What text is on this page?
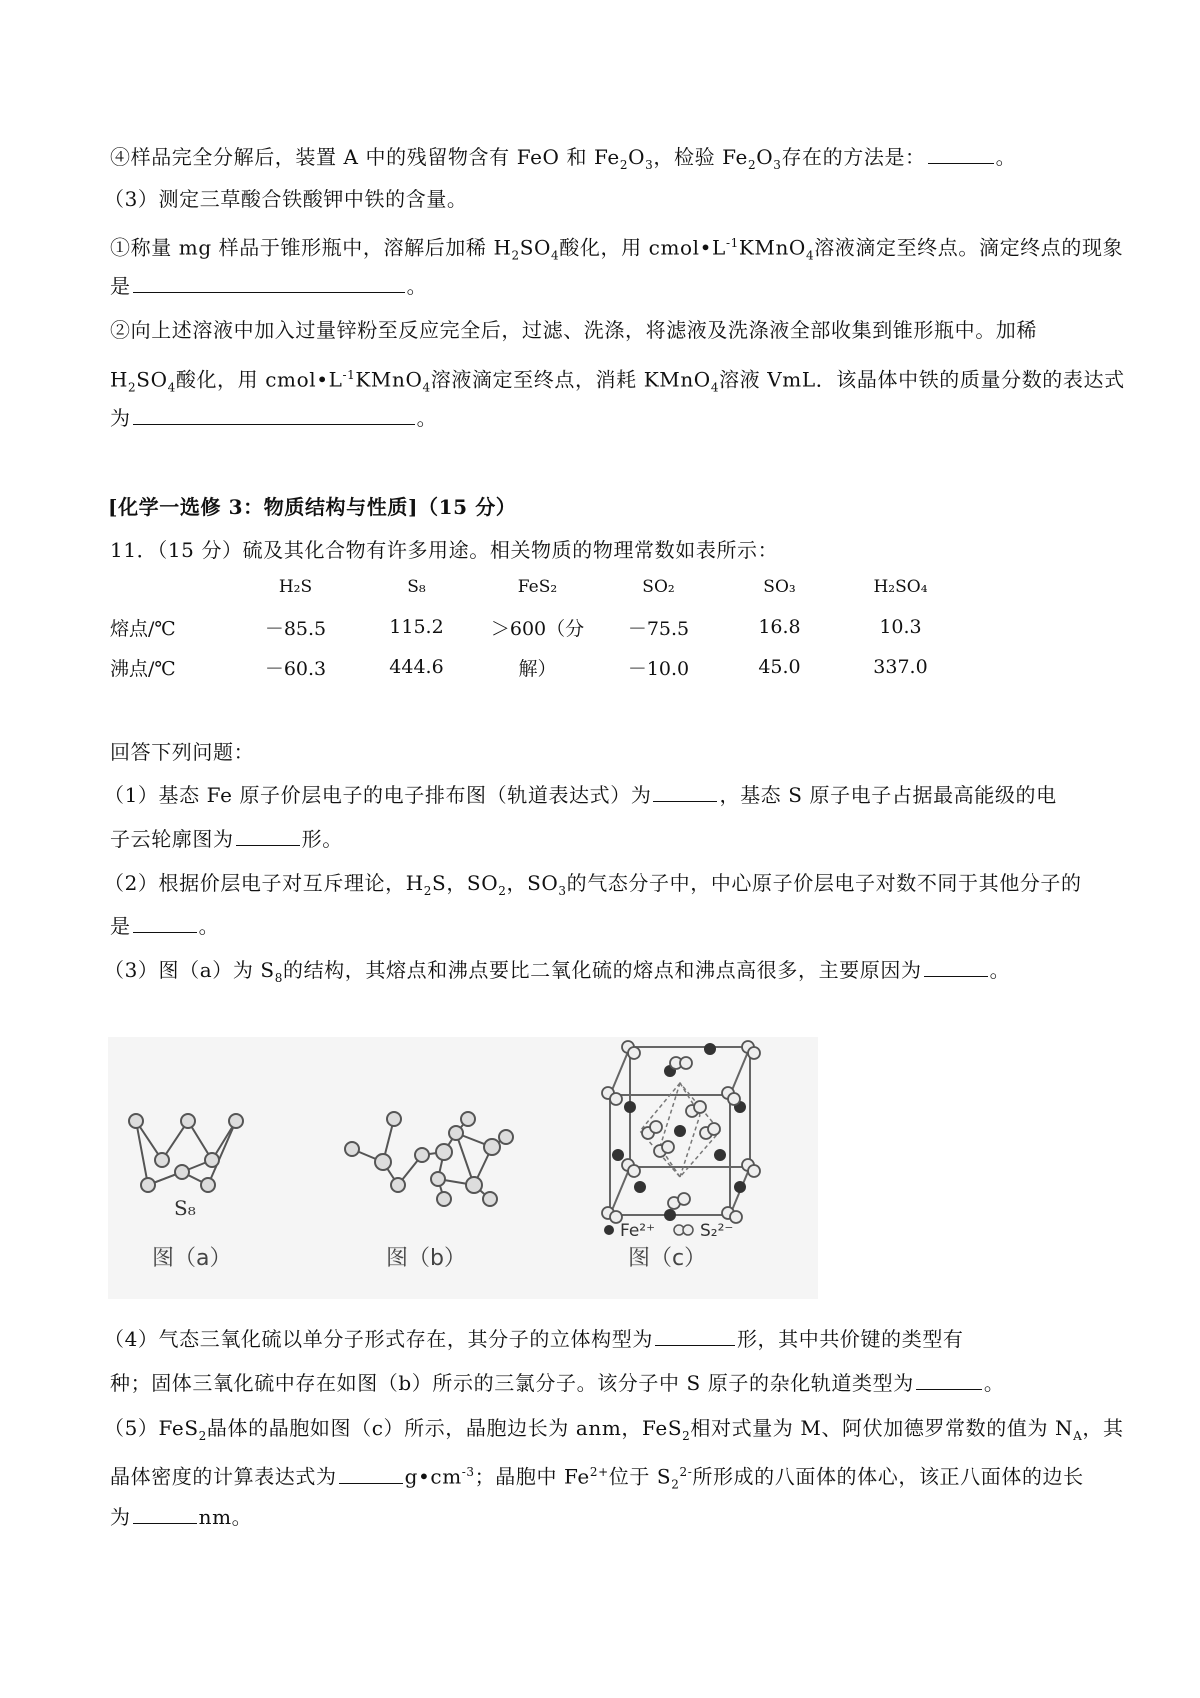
④样品完全分解后，装置 A 中的残留物含有 FeO 和 $Fe_2O_3$，检验 $Fe_2O_3$存在的方法是：	。
（3）测定三草酸合铁酸钾中铁的含量。
①称量 mg 样品于锥形瓶中，溶解后加稀 $H_2SO_4$酸化，用 $cmol•L^{-1}KMnO_4$溶液滴定至终点。滴定终点的现象
是	。
②向上述溶液中加入过量锌粉至反应完全后，过滤、洗涤，将滤液及洗涤液全部收集到锥形瓶中。加稀
$H_2SO_4$酸化，用 $cmol•L^{-1}KMnO_4$溶液滴定至终点，消耗 KMnO$_4$溶液 VmL．该晶体中铁的质量分数的表达式
为	。
[化学一选修 3：物质结构与性质]（15 分）
11．（15 分）硫及其化合物有许多用途。相关物质的物理常数如表所示：
	H₂S	S₈	FeS₂	SO₂	SO₃	H₂SO₄
熔点/℃	－85.5	115.2	＞600（分	－75.5	16.8	10.3
沸点/℃	－60.3	444.6	解）	－10.0	45.0	337.0
回答下列问题：
（1）基态 Fe 原子价层电子的电子排布图（轨道表达式）为	，基态 S 原子电子占据最高能级的电
子云轮廓图为	形。
（2）根据价层电子对互斥理论，$H_2S$，$SO_2$，$SO_3$的气态分子中，中心原子价层电子对数不同于其他分子的
是	。
（3）图（a）为 $S_8$的结构，其熔点和沸点要比二氧化硫的熔点和沸点高很多，主要原因为	。
S₈
Fe²⁺	S₂²⁻
图（a）	图（b）	图（c）
（4）气态三氧化硫以单分子形式存在，其分子的立体构型为	形，其中共价键的类型有
种；固体三氧化硫中存在如图（b）所示的三氯分子。该分子中 S 原子的杂化轨道类型为	。
（5）FeS$_2$晶体的晶胞如图（c）所示，晶胞边长为 anm，FeS$_2$相对式量为 M、阿伏加德罗常数的值为 $N_A$，其
晶体密度的计算表达式为	$g•cm^{-3}$；晶胞中 $Fe^{2+}$位于 $S_2^{2-}$所形成的八面体的体心，该正八面体的边长
为	nm。
